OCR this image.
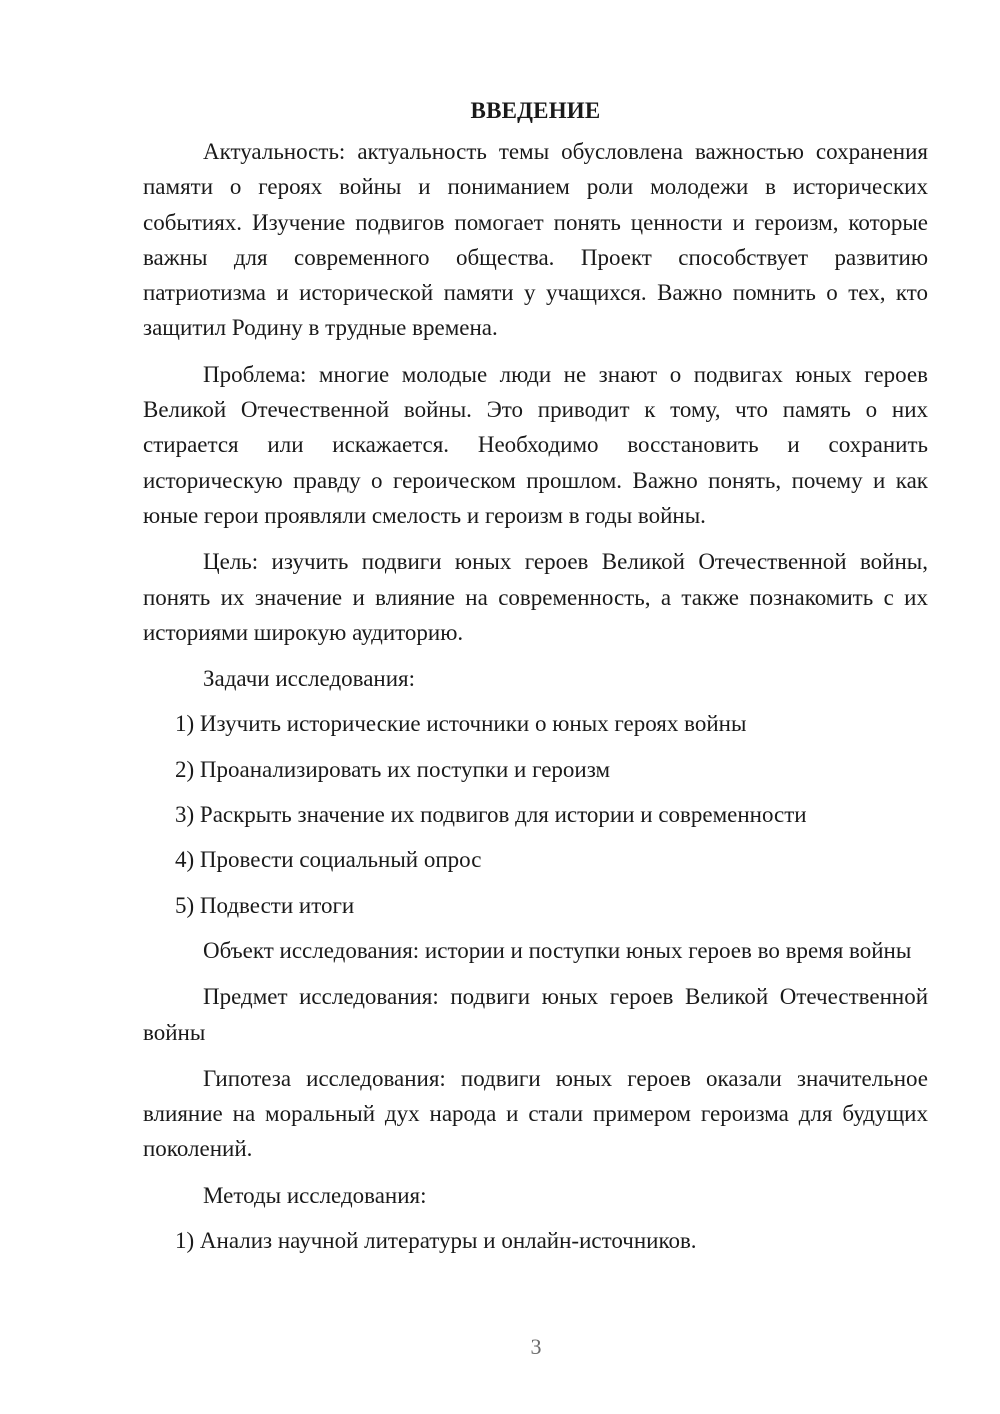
ВВЕДЕНИЕ

Актуальность: актуальность темы обусловлена важностью сохранения памяти о героях войны и пониманием роли молодежи в исторических событиях. Изучение подвигов помогает понять ценности и героизм, которые важны для современного общества. Проект способствует развитию патриотизма и исторической памяти у учащихся. Важно помнить о тех, кто защитил Родину в трудные времена.

Проблема: многие молодые люди не знают о подвигах юных героев Великой Отечественной войны. Это приводит к тому, что память о них стирается или искажается. Необходимо восстановить и сохранить историческую правду о героическом прошлом. Важно понять, почему и как юные герои проявляли смелость и героизм в годы войны.

Цель: изучить подвиги юных героев Великой Отечественной войны, понять их значение и влияние на современность, а также познакомить с их историями широкую аудиторию.

Задачи исследования:

1) Изучить исторические источники о юных героях войны
2) Проанализировать их поступки и героизм
3) Раскрыть значение их подвигов для истории и современности
4) Провести социальный опрос
5) Подвести итоги

Объект исследования: истории и поступки юных героев во время войны

Предмет исследования: подвиги юных героев Великой Отечественной войны

Гипотеза исследования: подвиги юных героев оказали значительное влияние на моральный дух народа и стали примером героизма для будущих поколений.

Методы исследования:

1) Анализ научной литературы и онлайн-источников.
3
